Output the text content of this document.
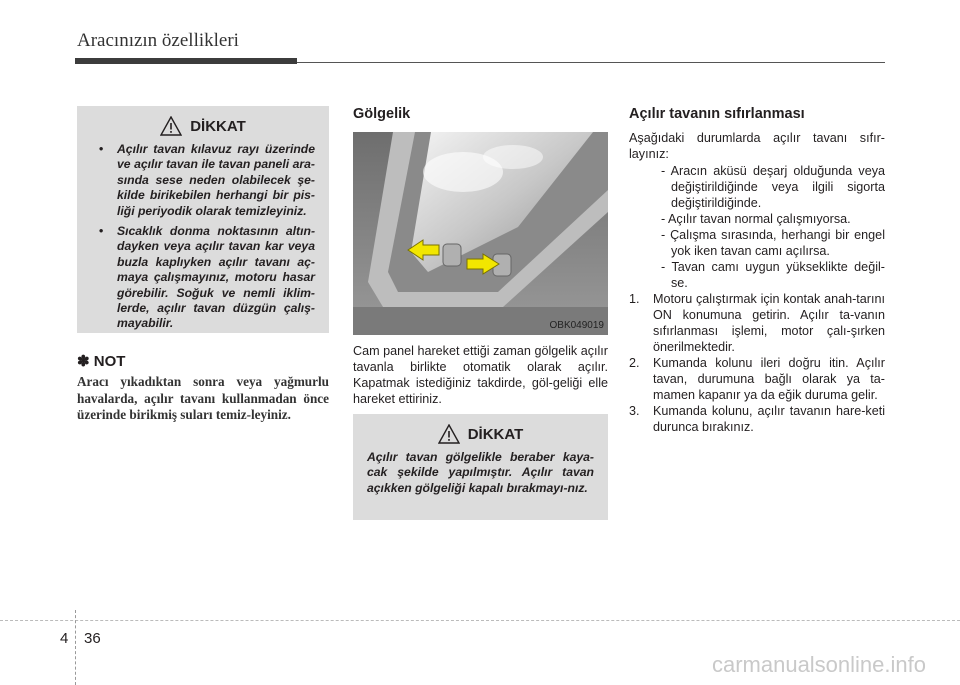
Aracınızın özellikleri
DİKKAT
• Açılır tavan kılavuz rayı üzerinde ve açılır tavan ile tavan paneli ara-sında sese neden olabilecek şe-kilde birikebilen herhangi bir pis-liği periyodik olarak temizleyiniz.
• Sıcaklık donma noktasının altın-dayken veya açılır tavan kar veya buzla kaplıyken açılır tavanı aç-maya çalışmayınız, motoru hasar görebilir. Soğuk ve nemli iklim-lerde, açılır tavan düzgün çalış-mayabilir.
✽ NOT
Aracı yıkadıktan sonra veya yağmurlu havalarda, açılır tavanı kullanmadan önce üzerinde birikmiş suları temiz-leyiniz.
Gölgelik
OBK049019
Cam panel hareket ettiği zaman gölgelik açılır tavanla birlikte otomatik olarak açılır. Kapatmak istediğiniz takdirde, göl-geliği elle hareket ettiriniz.
DİKKAT
Açılır tavan gölgelikle beraber kaya-cak şekilde yapılmıştır. Açılır tavan açıkken gölgeliği kapalı bırakmayı-nız.
Açılır tavanın sıfırlanması
Aşağıdaki durumlarda açılır tavanı sıfır-layınız:
- Aracın aküsü deşarj olduğunda veya değiştirildiğinde veya ilgili sigorta değiştirildiğinde.
- Açılır tavan normal çalışmıyorsa.
- Çalışma sırasında, herhangi bir engel yok iken tavan camı açılırsa.
- Tavan camı uygun yükseklikte değil-se.
1. Motoru çalıştırmak için kontak anah-tarını ON konumuna getirin. Açılır ta-vanın sıfırlanması işlemi, motor çalı-şırken önerilmektedir.
2. Kumanda kolunu ileri doğru itin. Açılır tavan, durumuna bağlı olarak ya ta-mamen kapanır ya da eğik duruma gelir.
3. Kumanda kolunu, açılır tavanın hare-keti durunca bırakınız.
4 36
carmanualsonline.info
